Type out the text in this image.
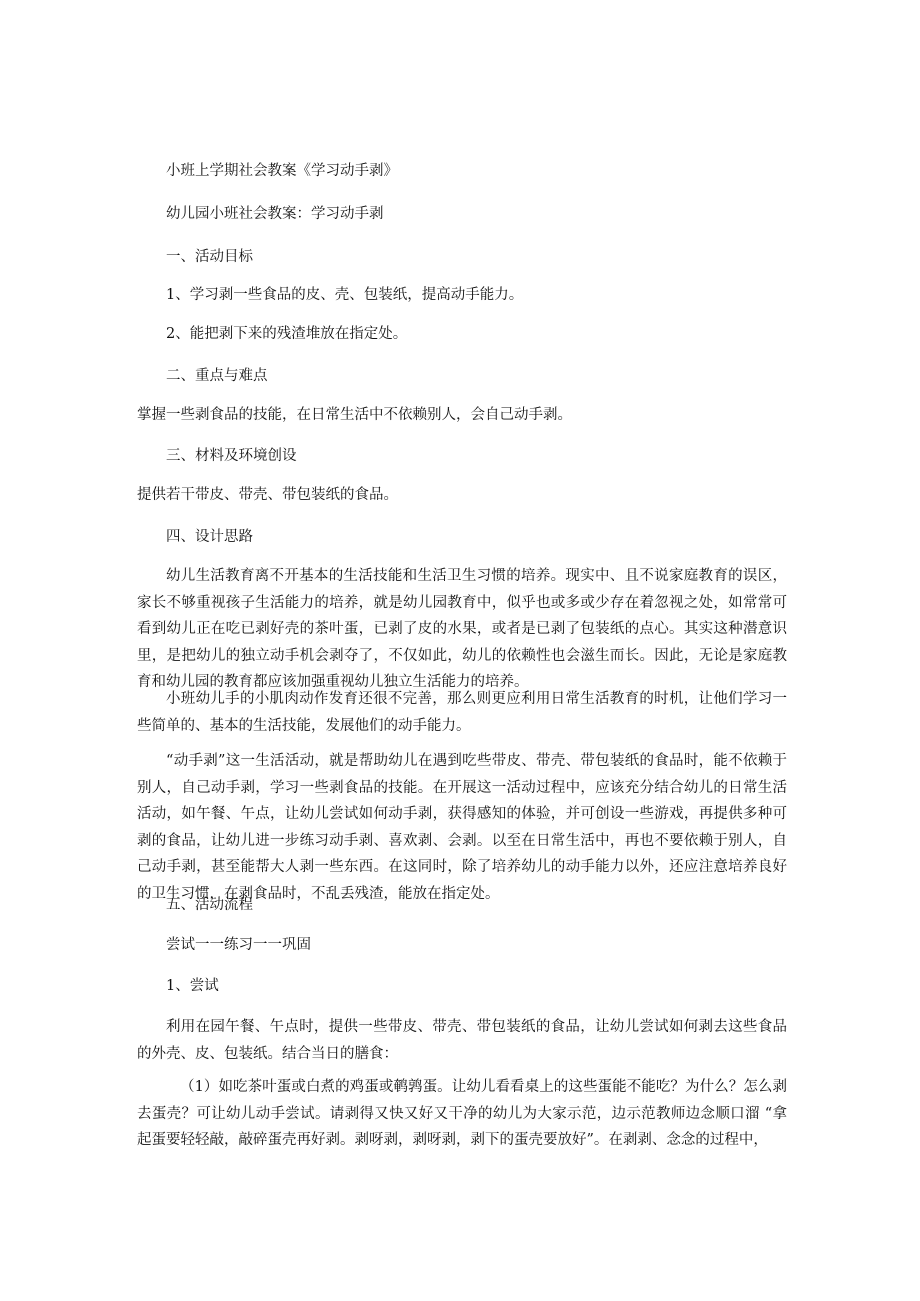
小班上学期社会教案《学习动手剥》
幼儿园小班社会教案：学习动手剥
一、活动目标
1、学习剥一些食品的皮、壳、包装纸，提高动手能力。
2、能把剥下来的残渣堆放在指定处。
二、重点与难点
掌握一些剥食品的技能，在日常生活中不依赖别人，会自己动手剥。
三、材料及环境创设
提供若干带皮、带壳、带包装纸的食品。
四、设计思路
幼儿生活教育离不开基本的生活技能和生活卫生习惯的培养。现实中、且不说家庭教育的误区，家长不够重视孩子生活能力的培养，就是幼儿园教育中，似乎也或多或少存在着忽视之处，如常常可看到幼儿正在吃已剥好壳的茶叶蛋，已剥了皮的水果，或者是已剥了包装纸的点心。其实这种潜意识里，是把幼儿的独立动手机会剥夺了，不仅如此，幼儿的依赖性也会滋生而长。因此，无论是家庭教育和幼儿园的教育都应该加强重视幼儿独立生活能力的培养。
小班幼儿手的小肌肉动作发育还很不完善，那么则更应利用日常生活教育的时机，让他们学习一些简单的、基本的生活技能，发展他们的动手能力。
“动手剥”这一生活活动，就是帮助幼儿在遇到吃些带皮、带壳、带包装纸的食品时，能不依赖于别人，自己动手剥，学习一些剥食品的技能。在开展这一活动过程中，应该充分结合幼儿的日常生活活动，如午餐、午点，让幼儿尝试如何动手剥，获得感知的体验，并可创设一些游戏，再提供多种可剥的食品，让幼儿进一步练习动手剥、喜欢剥、会剥。以至在日常生活中，再也不要依赖于别人，自己动手剥，甚至能帮大人剥一些东西。在这同时，除了培养幼儿的动手能力以外，还应注意培养良好的卫生习惯，在剥食品时，不乱丢残渣，能放在指定处。
五、活动流程
尝试一一练习一一巩固
1、尝试
利用在园午餐、午点时，提供一些带皮、带壳、带包装纸的食品，让幼儿尝试如何剥去这些食品的外壳、皮、包装纸。结合当日的膳食：
（1）如吃茶叶蛋或白煮的鸡蛋或鹌鹑蛋。让幼儿看看桌上的这些蛋能不能吃？为什么？怎么剥去蛋壳？可让幼儿动手尝试。请剥得又快又好又干净的幼儿为大家示范，边示范教师边念顺口溜 “拿起蛋要轻轻敲，敲碎蛋壳再好剥。剥呀剥，剥呀剥，剥下的蛋壳要放好”。在剥剥、念念的过程中，
